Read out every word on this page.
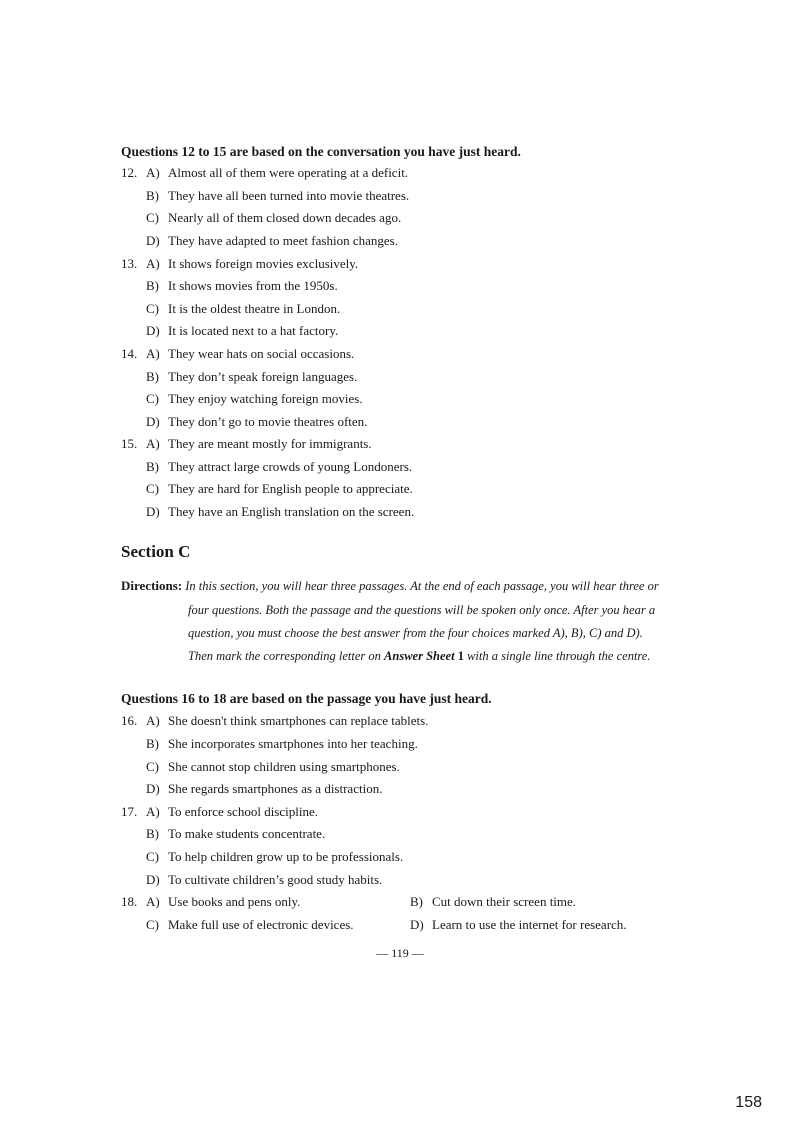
Questions 12 to 15 are based on the conversation you have just heard.
12. A) Almost all of them were operating at a deficit.
B) They have all been turned into movie theatres.
C) Nearly all of them closed down decades ago.
D) They have adapted to meet fashion changes.
13. A) It shows foreign movies exclusively.
B) It shows movies from the 1950s.
C) It is the oldest theatre in London.
D) It is located next to a hat factory.
14. A) They wear hats on social occasions.
B) They don’t speak foreign languages.
C) They enjoy watching foreign movies.
D) They don’t go to movie theatres often.
15. A) They are meant mostly for immigrants.
B) They attract large crowds of young Londoners.
C) They are hard for English people to appreciate.
D) They have an English translation on the screen.
Section C
Directions: In this section, you will hear three passages. At the end of each passage, you will hear three or
four questions. Both the passage and the questions will be spoken only once. After you hear a
question, you must choose the best answer from the four choices marked A), B), C) and D).
Then mark the corresponding letter on Answer Sheet 1 with a single line through the centre.
Questions 16 to 18 are based on the passage you have just heard.
16. A) She doesn't think smartphones can replace tablets.
B) She incorporates smartphones into her teaching.
C) She cannot stop children using smartphones.
D) She regards smartphones as a distraction.
17. A) To enforce school discipline.
B) To make students concentrate.
C) To help children grow up to be professionals.
D) To cultivate children’s good study habits.
18. A) Use books and pens only.	B) Cut down their screen time.
C) Make full use of electronic devices.	D) Learn to use the internet for research.
— 119 —
158
